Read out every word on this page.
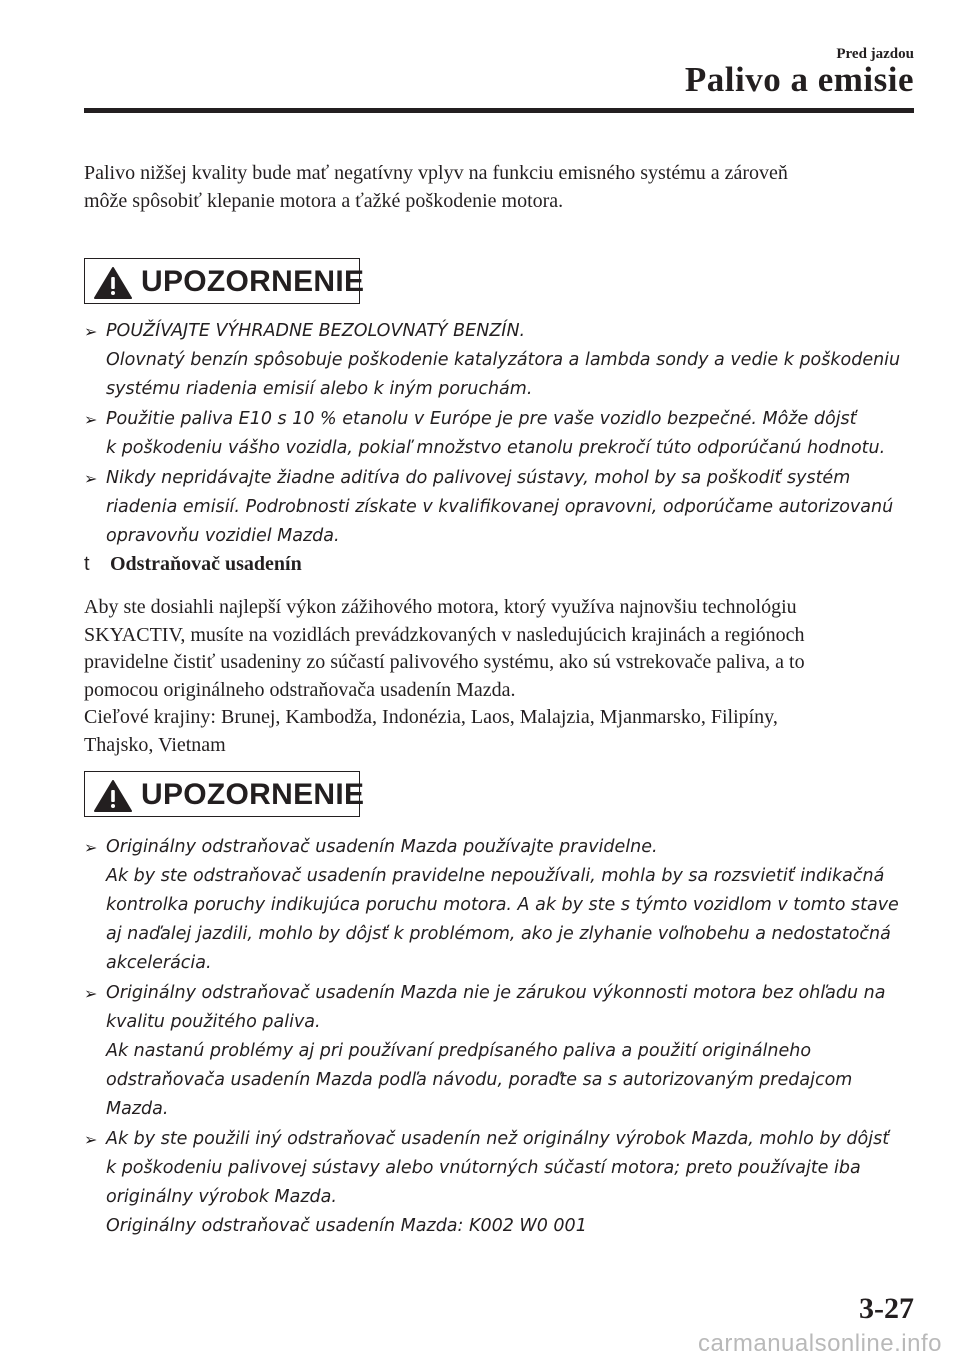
Pred jazdou
Palivo a emisie

Palivo nižšej kvality bude mať negatívny vplyv na funkciu emisného systému a zároveň
môže spôsobiť klepanie motora a ťažké poškodenie motora.

UPOZORNENIE
➢ POUŽÍVAJTE VÝHRADNE BEZOLOVNATÝ BENZÍN.
Olovnatý benzín spôsobuje poškodenie katalyzátora a lambda sondy a vedie k poškodeniu
systému riadenia emisií alebo k iným poruchám.
➢ Použitie paliva E10 s 10 % etanolu v Európe je pre vaše vozidlo bezpečné. Môže dôjsť
k poškodeniu vášho vozidla, pokiaľ množstvo etanolu prekročí túto odporúčanú hodnotu.
➢ Nikdy nepridávajte žiadne aditíva do palivovej sústavy, mohol by sa poškodiť systém
riadenia emisií. Podrobnosti získate v kvalifikovanej opravovni, odporúčame autorizovanú
opravovňu vozidiel Mazda.
t Odstraňovač usadenín

Aby ste dosiahli najlepší výkon zážihového motora, ktorý využíva najnovšiu technológiu
SKYACTIV, musíte na vozidlách prevádzkovaných v nasledujúcich krajinách a regiónoch
pravidelne čistiť usadeniny zo súčastí palivového systému, ako sú vstrekovače paliva, a to
pomocou originálneho odstraňovača usadenín Mazda.
Cieľové krajiny: Brunej, Kambodža, Indonézia, Laos, Malajzia, Mjanmarsko, Filipíny,
Thajsko, Vietnam

UPOZORNENIE
➢ Originálny odstraňovač usadenín Mazda používajte pravidelne.
Ak by ste odstraňovač usadenín pravidelne nepoužívali, mohla by sa rozsvietiť indikačná
kontrolka poruchy indikujúca poruchu motora. A ak by ste s týmto vozidlom v tomto stave
aj naďalej jazdili, mohlo by dôjsť k problémom, ako je zlyhanie voľnobehu a nedostatočná
akcelerácia.
➢ Originálny odstraňovač usadenín Mazda nie je zárukou výkonnosti motora bez ohľadu na
kvalitu použitého paliva.
Ak nastanú problémy aj pri používaní predpísaného paliva a použití originálneho
odstraňovača usadenín Mazda podľa návodu, poraďte sa s autorizovaným predajcom
Mazda.
➢ Ak by ste použili iný odstraňovač usadenín než originálny výrobok Mazda, mohlo by dôjsť
k poškodeniu palivovej sústavy alebo vnútorných súčastí motora; preto používajte iba
originálny výrobok Mazda.
Originálny odstraňovač usadenín Mazda: K002 W0 001
3-27
carmanualsonline.info
